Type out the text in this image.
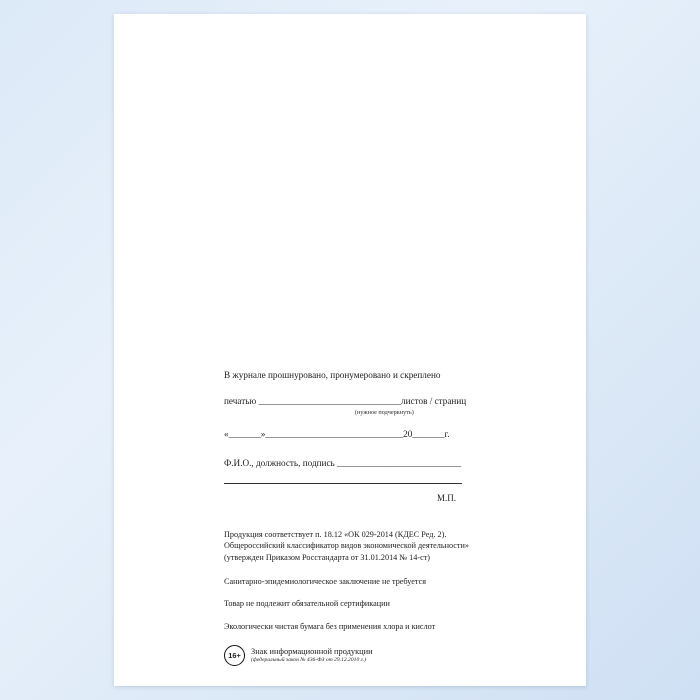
В журнале прошнуровано, пронумеровано и скреплено
печатью _______________________________листов / страниц
(нужное подчеркнуть)
«_______»______________________________20_______г.
Ф.И.О., должность, подпись ___________________________
М.П.
Продукция соответствует п. 18.12 «ОК 029-2014 (КДЕС Ред. 2).
Общероссийский классификатор видов экономической деятельности»
(утвержден Приказом Росстандарта от 31.01.2014 № 14-ст)
Санитарно-эпидемиологическое заключение не требуется
Товар не подлежит обязательной сертификации
Экологически чистая бумага без применения хлора и кислот
16+	Знак информационной продукции
(федеральный закон № 436-ФЗ от 29.12.2010 г.)
